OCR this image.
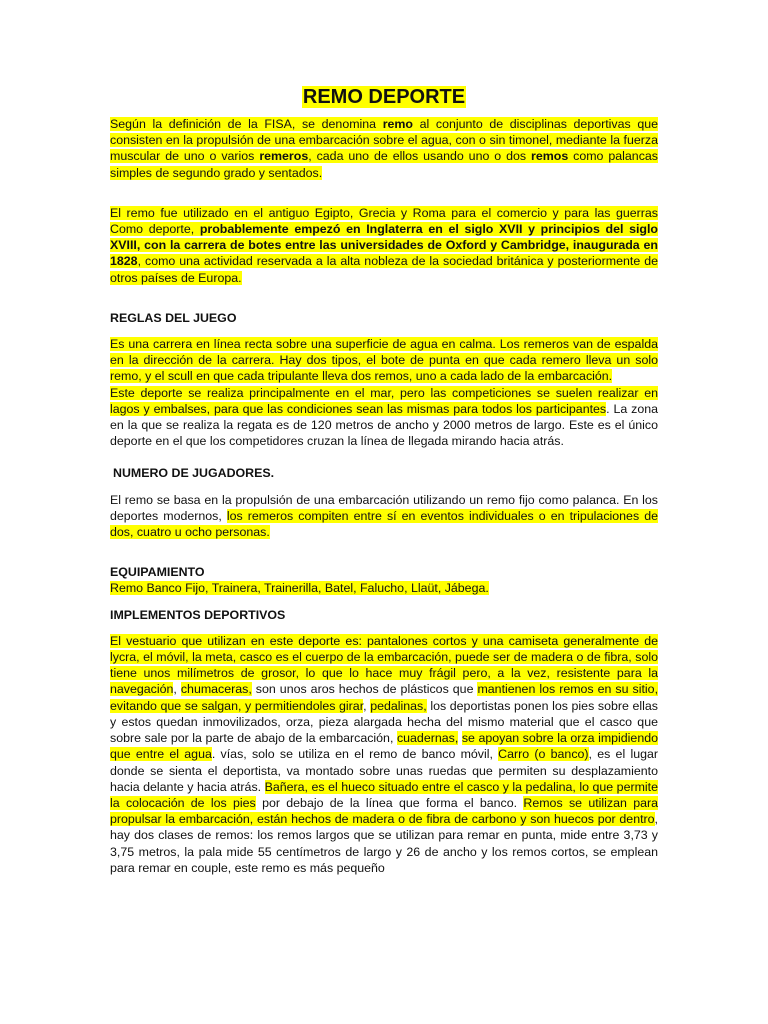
REMO DEPORTE

Según la definición de la FISA, se denomina remo al conjunto de disciplinas deportivas que consisten en la propulsión de una embarcación sobre el agua, con o sin timonel, mediante la fuerza muscular de uno o varios remeros, cada uno de ellos usando uno o dos remos como palancas simples de segundo grado y sentados.

El remo fue utilizado en el antiguo Egipto, Grecia y Roma para el comercio y para las guerras Como deporte, probablemente empezó en Inglaterra en el siglo XVII y principios del siglo XVIII, con la carrera de botes entre las universidades de Oxford y Cambridge, inaugurada en 1828, como una actividad reservada a la alta nobleza de la sociedad británica y posteriormente de otros países de Europa.

REGLAS DEL JUEGO

Es una carrera en línea recta sobre una superficie de agua en calma. Los remeros van de espalda en la dirección de la carrera. Hay dos tipos, el bote de punta en que cada remero lleva un solo remo, y el scull en que cada tripulante lleva dos remos, uno a cada lado de la embarcación.

Este deporte se realiza principalmente en el mar, pero las competiciones se suelen realizar en lagos y embalses, para que las condiciones sean las mismas para todos los participantes. La zona en la que se realiza la regata es de 120 metros de ancho y 2000 metros de largo. Este es el único deporte en el que los competidores cruzan la línea de llegada mirando hacia atrás.

NUMERO DE JUGADORES.

El remo se basa en la propulsión de una embarcación utilizando un remo fijo como palanca. En los deportes modernos, los remeros compiten entre sí en eventos individuales o en tripulaciones de dos, cuatro u ocho personas.

EQUIPAMIENTO

Remo Banco Fijo, Trainera, Trainerilla, Batel, Falucho, Llaüt, Jábega.

IMPLEMENTOS DEPORTIVOS

El vestuario que utilizan en este deporte es: pantalones cortos y una camiseta generalmente de lycra, el móvil, la meta, casco es el cuerpo de la embarcación, puede ser de madera o de fibra, solo tiene unos milímetros de grosor, lo que lo hace muy frágil pero, a la vez, resistente para la navegación, chumaceras, son unos aros hechos de plásticos que mantienen los remos en su sitio, evitando que se salgan, y permitiendoles girar, pedalinas, los deportistas ponen los pies sobre ellas y estos quedan inmovilizados, orza, pieza alargada hecha del mismo material que el casco que sobre sale por la parte de abajo de la embarcación, cuadernas, se apoyan sobre la orza impidiendo que entre el agua. vías, solo se utiliza en el remo de banco móvil, Carro (o banco), es el lugar donde se sienta el deportista, va montado sobre unas ruedas que permiten su desplazamiento hacia delante y hacia atrás. Bañera, es el hueco situado entre el casco y la pedalina, lo que permite la colocación de los pies por debajo de la línea que forma el banco. Remos se utilizan para propulsar la embarcación, están hechos de madera o de fibra de carbono y son huecos por dentro, hay dos clases de remos: los remos largos que se utilizan para remar en punta, mide entre 3,73 y 3,75 metros, la pala mide 55 centímetros de largo y 26 de ancho y los remos cortos, se emplean para remar en couple, este remo es más pequeño
